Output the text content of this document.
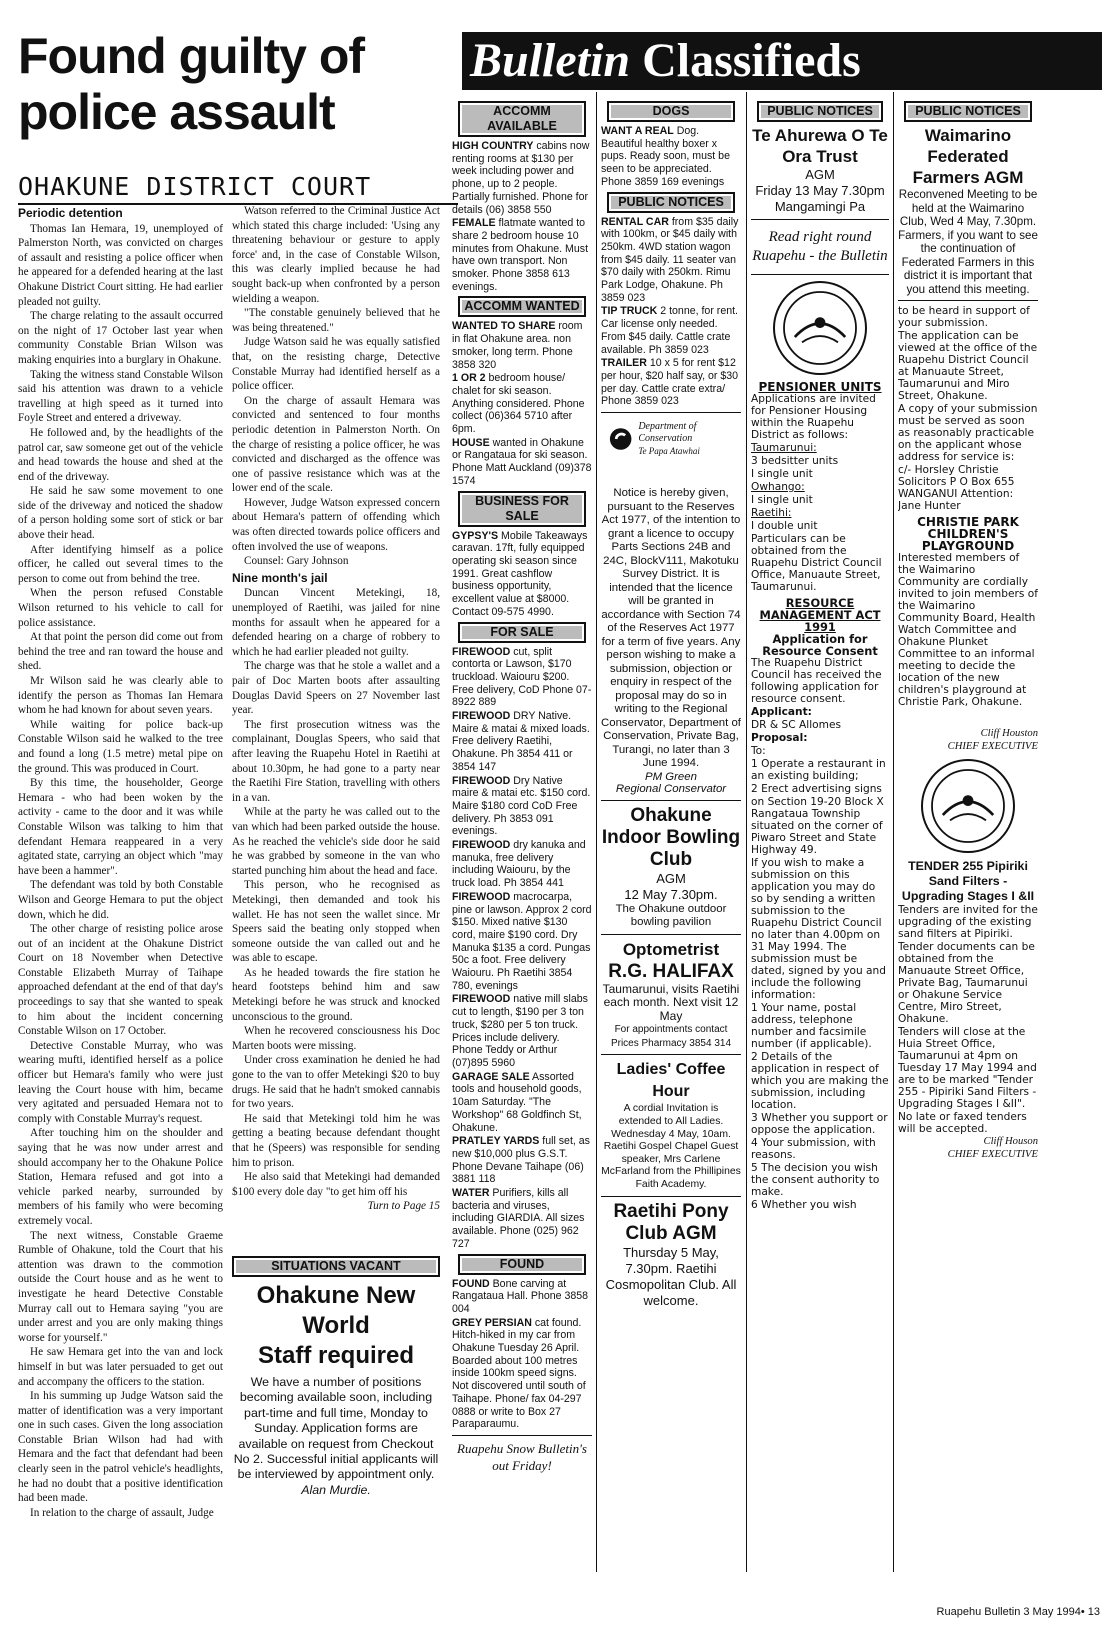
Found guilty of police assault
OHAKUNE DISTRICT COURT
Periodic detention

Thomas Ian Hemara, 19, unemployed of Palmerston North, was convicted on charges of assault and resisting a police officer when he appeared for a defended hearing at the last Ohakune District Court sitting. He had earlier pleaded not guilty.

The charge relating to the assault occurred on the night of 17 October last year when community Constable Brian Wilson was making enquiries into a burglary in Ohakune.

Taking the witness stand Constable Wilson said his attention was drawn to a vehicle travelling at high speed as it turned into Foyle Street and entered a driveway.

He followed and, by the headlights of the patrol car, saw someone get out of the vehicle and head towards the house and shed at the end of the driveway.

He said he saw some movement to one side of the driveway and noticed the shadow of a person holding some sort of stick or bar above their head.

After identifying himself as a police officer, he called out several times to the person to come out from behind the tree.

When the person refused Constable Wilson returned to his vehicle to call for police assistance.

At that point the person did come out from behind the tree and ran toward the house and shed.

Mr Wilson said he was clearly able to identify the person as Thomas Ian Hemara whom he had known for about seven years.

While waiting for police back-up Constable Wilson said he walked to the tree and found a long (1.5 metre) metal pipe on the ground. This was produced in Court.

By this time, the householder, George Hemara - who had been woken by the activity - came to the door and it was while Constable Wilson was talking to him that defendant Hemara reappeared in a very agitated state, carrying an object which "may have been a hammer".

The defendant was told by both Constable Wilson and George Hemara to put the object down, which he did.

The other charge of resisting police arose out of an incident at the Ohakune District Court on 18 November when Detective Constable Elizabeth Murray of Taihape approached defendant at the end of that day's proceedings to say that she wanted to speak to him about the incident concerning Constable Wilson on 17 October.

Detective Constable Murray, who was wearing mufti, identified herself as a police officer but Hemara's family who were just leaving the Court house with him, became very agitated and persuaded Hemara not to comply with Constable Murray's request.

After touching him on the shoulder and saying that he was now under arrest and should accompany her to the Ohakune Police Station, Hemara refused and got into a vehicle parked nearby, surrounded by members of his family who were becoming extremely vocal.

The next witness, Constable Graeme Rumble of Ohakune, told the Court that his attention was drawn to the commotion outside the Court house and as he went to investigate he heard Detective Constable Murray call out to Hemara saying "you are under arrest and you are only making things worse for yourself."

He saw Hemara get into the van and lock himself in but was later persuaded to get out and accompany the officers to the station.

In his summing up Judge Watson said the matter of identification was a very important one in such cases. Given the long association Constable Brian Wilson had had with Hemara and the fact that defendant had been clearly seen in the patrol vehicle's headlights, he had no doubt that a positive identification had been made.

In relation to the charge of assault, Judge

Watson referred to the Criminal Justice Act which stated this charge included: 'Using any threatening behaviour or gesture to apply force' and, in the case of Constable Wilson, this was clearly implied because he had sought back-up when confronted by a person wielding a weapon.

"The constable genuinely believed that he was being threatened."

Judge Watson said he was equally satisfied that, on the resisting charge, Detective Constable Murray had identified herself as a police officer.

On the charge of assault Hemara was convicted and sentenced to four months periodic detention in Palmerston North. On the charge of resisting a police officer, he was convicted and discharged as the offence was one of passive resistance which was at the lower end of the scale.

However, Judge Watson expressed concern about Hemara's pattern of offending which was often directed towards police officers and often involved the use of weapons.

Counsel: Gary Johnson

Nine month's jail

Duncan Vincent Metekingi, 18, unemployed of Raetihi, was jailed for nine months for assault when he appeared for a defended hearing on a charge of robbery to which he had earlier pleaded not guilty.

The charge was that he stole a wallet and a pair of Doc Marten boots after assaulting Douglas David Speers on 27 November last year.

The first prosecution witness was the complainant, Douglas Speers, who said that after leaving the Ruapehu Hotel in Raetihi at about 10.30pm, he had gone to a party near the Raetihi Fire Station, travelling with others in a van.

While at the party he was called out to the van which had been parked outside the house. As he reached the vehicle's side door he said he was grabbed by someone in the van who started punching him about the head and face.

This person, who he recognised as Metekingi, then demanded and took his wallet. He has not seen the wallet since. Mr Speers said the beating only stopped when someone outside the van called out and he was able to escape.

As he headed towards the fire station he heard footsteps behind him and saw Metekingi before he was struck and knocked unconscious to the ground.

When he recovered consciousness his Doc Marten boots were missing.

Under cross examination he denied he had gone to the van to offer Metekingi $20 to buy drugs. He said that he hadn't smoked cannabis for two years.

He said that Metekingi told him he was getting a beating because defendant thought that he (Speers) was responsible for sending him to prison.

He also said that Metekingi had demanded $100 every dole day "to get him off his

Turn to Page 15

SITUATIONS VACANT
Ohakune New World
Staff required
We have a number of positions becoming available soon, including part-time and full time, Monday to Sunday. Application forms are available on request from Checkout No 2. Successful initial applicants will be interviewed by appointment only.
Alan Murdie.
Bulletin Classifieds
ACCOMM AVAILABLE

HIGH COUNTRY cabins now renting rooms at $130 per week including power and phone, up to 2 people. Partially furnished. Phone for details (06) 3858 550

FEMALE flatmate wanted to share 2 bedroom house 10 minutes from Ohakune. Must have own transport. Non smoker. Phone 3858 613 evenings.

ACCOMM WANTED

WANTED TO SHARE room in flat Ohakune area. non smoker, long term. Phone 3858 320

1 OR 2 bedroom house/ chalet for ski season. Anything considered. Phone collect (06)364 5710 after 6pm.

HOUSE wanted in Ohakune or Rangataua for ski season. Phone Matt Auckland (09)378 1574

BUSINESS FOR SALE

GYPSY'S Mobile Takeaways caravan. 17ft, fully equipped operating ski season since 1991. Great cashflow business opportunity, excellent value at $8000. Contact 09-575 4990.

FOR SALE

FIREWOOD cut, split contorta or Lawson, $170 truckload. Waiouru $200. Free delivery, CoD Phone 07-8922 889

FIREWOOD DRY Native. Maire & matai & mixed loads. Free delivery Raetihi, Ohakune. Ph 3854 411 or 3854 147

FIREWOOD Dry Native maire & matai etc. $150 cord. Maire $180 cord CoD Free delivery. Ph 3853 091 evenings.

FIREWOOD dry kanuka and manuka, free delivery including Waiouru, by the truck load. Ph 3854 441

FIREWOOD macrocarpa, pine or lawson. Approx 2 cord $150. Mixed native $130 cord, maire $190 cord. Dry Manuka $135 a cord. Pungas 50c a foot. Free delivery Waiouru. Ph Raetihi 3854 780, evenings

FIREWOOD native mill slabs cut to length, $190 per 3 ton truck, $280 per 5 ton truck. Prices include delivery. Phone Teddy or Arthur (07)895 5960

GARAGE SALE Assorted tools and household goods, 10am Saturday. "The Workshop" 68 Goldfinch St, Ohakune.

PRATLEY YARDS full set, as new $10,000 plus G.S.T. Phone Devane Taihape (06) 3881 118

WATER Purifiers, kills all bacteria and viruses, including GIARDIA. All sizes available. Phone (025) 962 727

FOUND

FOUND Bone carving at Rangataua Hall. Phone 3858 004

GREY PERSIAN cat found. Hitch-hiked in my car from Ohakune Tuesday 26 April. Boarded about 100 metres inside 100km speed signs. Not discovered until south of Taihape. Phone/ fax 04-297 0888 or write to Box 27 Paraparaumu.

Ruapehu Snow Bulletin's out Friday!
DOGS

WANT A REAL Dog. Beautiful healthy boxer x pups. Ready soon, must be seen to be appreciated. Phone 3859 169 evenings

PUBLIC NOTICES

RENTAL CAR from $35 daily with 100km, or $45 daily with 250km. 4WD station wagon from $45 daily. 11 seater van $70 daily with 250km. Rimu Park Lodge, Ohakune. Ph 3859 023

TIP TRUCK 2 tonne, for rent. Car license only needed. From $45 daily. Cattle crate available. Ph 3859 023

TRAILER 10 x 5 for rent $12 per hour, $20 half say, or $30 per day. Cattle crate extra/ Phone 3859 023

Department of Conservation
Te Papa Atawhai
Notice is hereby given, pursuant to the Reserves Act 1977, of the intention to grant a licence to occupy Parts Sections 24B and 24C, BlockV111, Makotuku Survey District. It is intended that the licence will be granted in accordance with Section 74 of the Reserves Act 1977 for a term of five years. Any person wishing to make a submission, objection or enquiry in respect of the proposal may do so in writing to the Regional Conservator, Department of Conservation, Private Bag, Turangi, no later than 3 June 1994.
PM Green
Regional Conservator
Ohakune Indoor Bowling Club
AGM
12 May 7.30pm.
The Ohakune outdoor bowling pavilion
Optometrist
R.G. HALIFAX
Taumarunui, visits Raetihi each month. Next visit 12 May
For appointments contact Prices Pharmacy 3854 314
Ladies' Coffee Hour
A cordial Invitation is extended to All Ladies. Wednesday 4 May, 10am. Raetihi Gospel Chapel Guest speaker, Mrs Carlene McFarland from the Phillipines Faith Academy.
Raetihi Pony Club AGM
Thursday 5 May, 7.30pm. Raetihi Cosmopolitan Club. All welcome.
PUBLIC NOTICES
Te Ahurewa O Te Ora Trust
AGM
Friday 13 May 7.30pm
Mangamingi Pa
Read right round Ruapehu - the Bulletin
PENSIONER UNITS

Applications are invited for Pensioner Housing within the Ruapehu District as follows:

Taumarunui:

3 bedsitter units

I single unit

Owhango:

I single unit

Raetihi:

I double unit

Particulars can be obtained from the Ruapehu District Council Office, Manuaute Street, Taumarunui.

RESOURCE MANAGEMENT ACT 1991
Application for Resource Consent

The Ruapehu District Council has received the following application for resource consent.

Applicant:

DR & SC Allomes

Proposal:

To:

1 Operate a restaurant in an existing building;

2 Erect advertising signs

on Section 19-20 Block X Rangataua Township situated on the corner of Piwaro Street and State Highway 49.

If you wish to make a submission on this application you may do so by sending a written submission to the Ruapehu District Council no later than 4.00pm on 31 May 1994. The submission must be dated, signed by you and include the following information:

1 Your name, postal address, telephone number and facsimile number (if applicable).

2 Details of the application in respect of which you are making the submission, including location.

3 Whether you support or oppose the application.

4 Your submission, with reasons.

5 The decision you wish the consent authority to make.

6 Whether you wish

PUBLIC NOTICES
Waimarino Federated Farmers AGM
Reconvened Meeting to be held at the Waimarino Club, Wed 4 May, 7.30pm. Farmers, if you want to see the continuation of Federated Farmers in this district it is important that you attend this meeting.

to be heard in support of your submission.

The application can be viewed at the office of the Ruapehu District Council at Manuaute Street, Taumarunui and Miro Street, Ohakune.

A copy of your submission must be served as soon as reasonably practicable on the applicant whose address for service is:

c/- Horsley Christie Solicitors P O Box 655 WANGANUI Attention: Jane Hunter

CHRISTIE PARK CHILDREN'S PLAYGROUND

Interested members of the Waimarino Community are cordially invited to join members of the Waimarino Community Board, Health Watch Committee and Ohakune Plunket Committee to an informal meeting to decide the location of the new children's playground at Christie Park, Ohakune.

Cliff Houston

CHIEF EXECUTIVE

TENDER 255 Pipiriki Sand Filters - Upgrading Stages I &II

Tenders are invited for the upgrading of the existing sand filters at Pipiriki.

Tender documents can be obtained from the Manuaute Street Office, Private Bag, Taumarunui or Ohakune Service Centre, Miro Street, Ohakune.

Tenders will close at the Huia Street Office, Taumarunui at 4pm on Tuesday 17 May 1994 and are to be marked "Tender 255 - Pipiriki Sand Filters - Upgrading Stages I &II".

No late or faxed tenders will be accepted.

Cliff Houson

CHIEF EXECUTIVE

Ruapehu Bulletin 3 May 1994• 13
